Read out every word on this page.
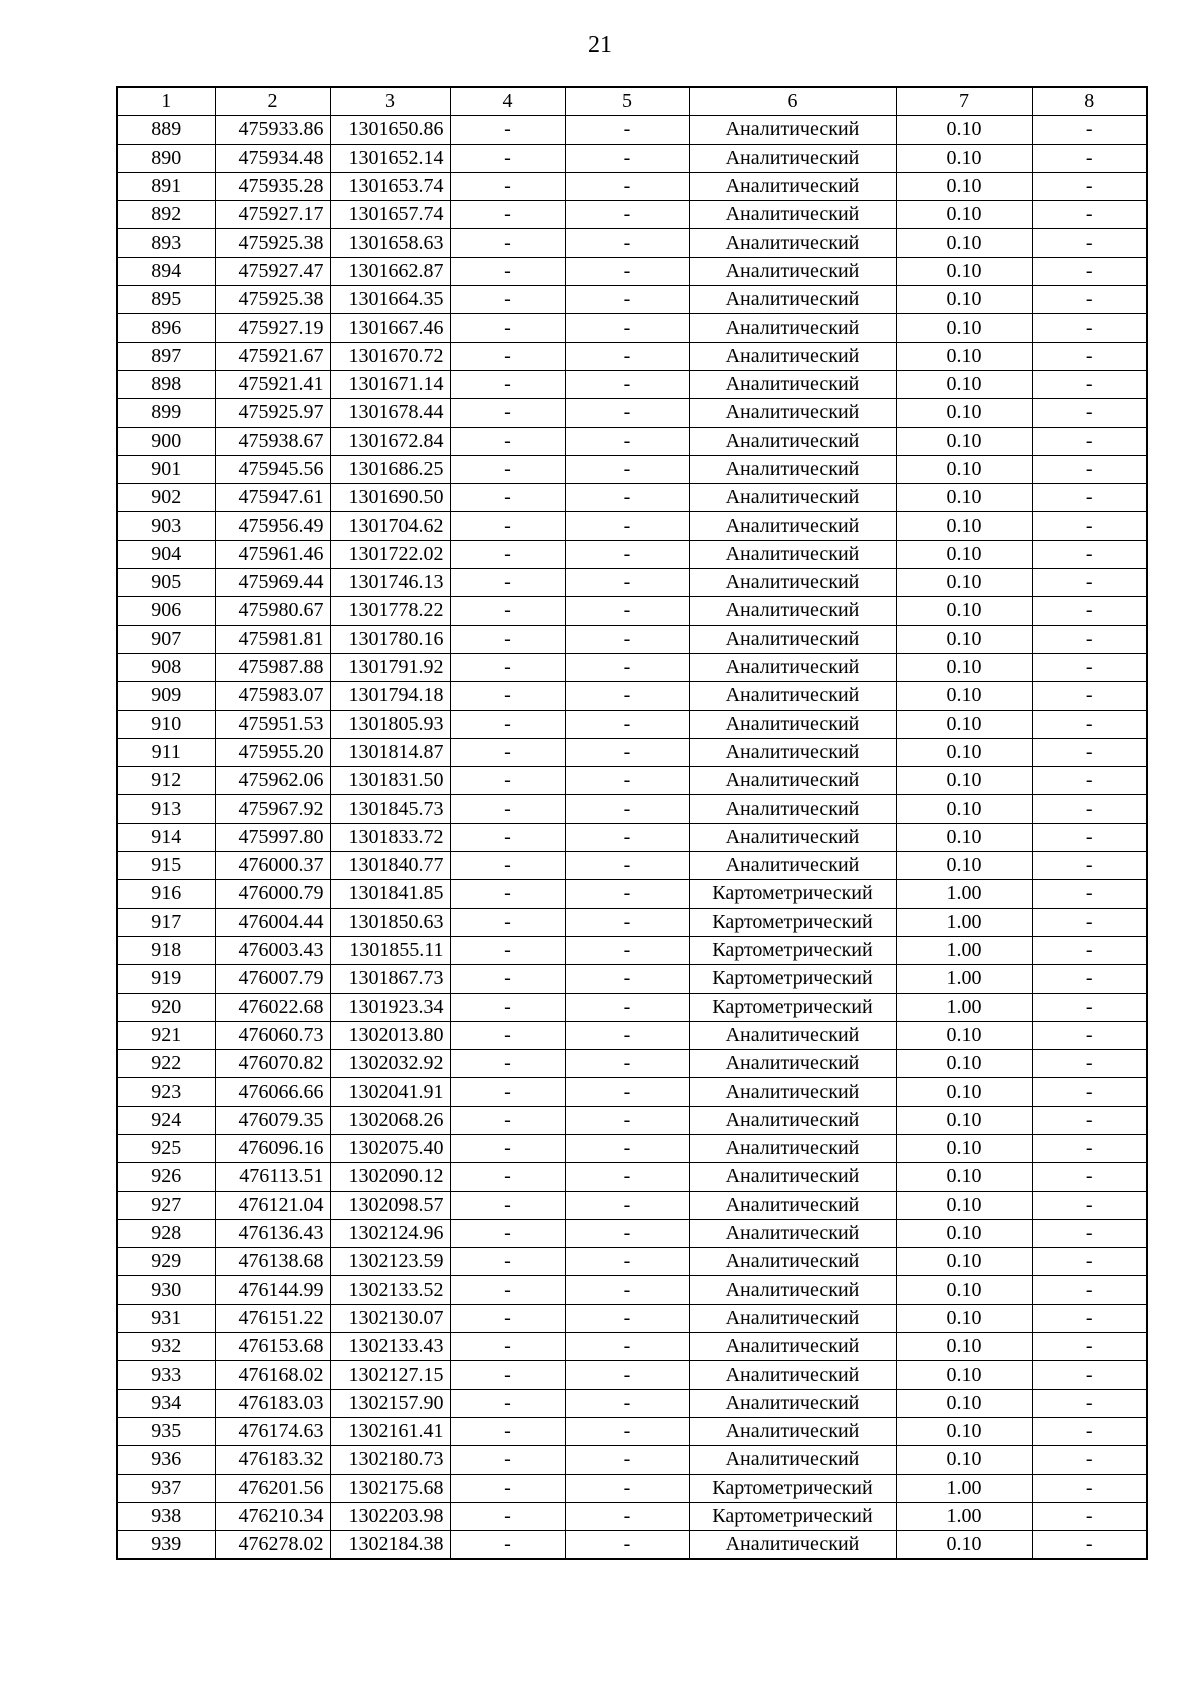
21
1	2	3	4	5	6	7	8
889	475933.86	1301650.86	-	-	Аналитический	0.10	-
890	475934.48	1301652.14	-	-	Аналитический	0.10	-
891	475935.28	1301653.74	-	-	Аналитический	0.10	-
892	475927.17	1301657.74	-	-	Аналитический	0.10	-
893	475925.38	1301658.63	-	-	Аналитический	0.10	-
894	475927.47	1301662.87	-	-	Аналитический	0.10	-
895	475925.38	1301664.35	-	-	Аналитический	0.10	-
896	475927.19	1301667.46	-	-	Аналитический	0.10	-
897	475921.67	1301670.72	-	-	Аналитический	0.10	-
898	475921.41	1301671.14	-	-	Аналитический	0.10	-
899	475925.97	1301678.44	-	-	Аналитический	0.10	-
900	475938.67	1301672.84	-	-	Аналитический	0.10	-
901	475945.56	1301686.25	-	-	Аналитический	0.10	-
902	475947.61	1301690.50	-	-	Аналитический	0.10	-
903	475956.49	1301704.62	-	-	Аналитический	0.10	-
904	475961.46	1301722.02	-	-	Аналитический	0.10	-
905	475969.44	1301746.13	-	-	Аналитический	0.10	-
906	475980.67	1301778.22	-	-	Аналитический	0.10	-
907	475981.81	1301780.16	-	-	Аналитический	0.10	-
908	475987.88	1301791.92	-	-	Аналитический	0.10	-
909	475983.07	1301794.18	-	-	Аналитический	0.10	-
910	475951.53	1301805.93	-	-	Аналитический	0.10	-
911	475955.20	1301814.87	-	-	Аналитический	0.10	-
912	475962.06	1301831.50	-	-	Аналитический	0.10	-
913	475967.92	1301845.73	-	-	Аналитический	0.10	-
914	475997.80	1301833.72	-	-	Аналитический	0.10	-
915	476000.37	1301840.77	-	-	Аналитический	0.10	-
916	476000.79	1301841.85	-	-	Картометрический	1.00	-
917	476004.44	1301850.63	-	-	Картометрический	1.00	-
918	476003.43	1301855.11	-	-	Картометрический	1.00	-
919	476007.79	1301867.73	-	-	Картометрический	1.00	-
920	476022.68	1301923.34	-	-	Картометрический	1.00	-
921	476060.73	1302013.80	-	-	Аналитический	0.10	-
922	476070.82	1302032.92	-	-	Аналитический	0.10	-
923	476066.66	1302041.91	-	-	Аналитический	0.10	-
924	476079.35	1302068.26	-	-	Аналитический	0.10	-
925	476096.16	1302075.40	-	-	Аналитический	0.10	-
926	476113.51	1302090.12	-	-	Аналитический	0.10	-
927	476121.04	1302098.57	-	-	Аналитический	0.10	-
928	476136.43	1302124.96	-	-	Аналитический	0.10	-
929	476138.68	1302123.59	-	-	Аналитический	0.10	-
930	476144.99	1302133.52	-	-	Аналитический	0.10	-
931	476151.22	1302130.07	-	-	Аналитический	0.10	-
932	476153.68	1302133.43	-	-	Аналитический	0.10	-
933	476168.02	1302127.15	-	-	Аналитический	0.10	-
934	476183.03	1302157.90	-	-	Аналитический	0.10	-
935	476174.63	1302161.41	-	-	Аналитический	0.10	-
936	476183.32	1302180.73	-	-	Аналитический	0.10	-
937	476201.56	1302175.68	-	-	Картометрический	1.00	-
938	476210.34	1302203.98	-	-	Картометрический	1.00	-
939	476278.02	1302184.38	-	-	Аналитический	0.10	-
